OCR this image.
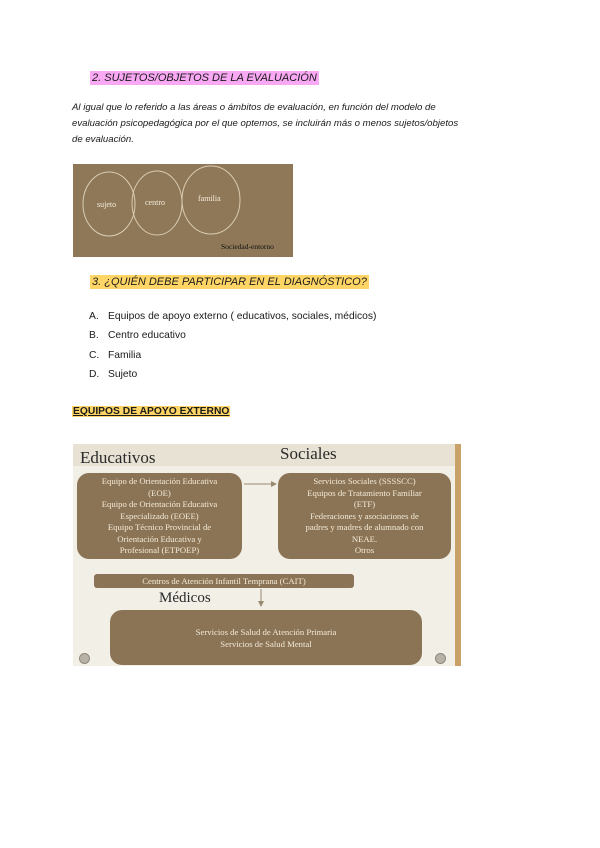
2. SUJETOS/OBJETOS DE LA EVALUACIÓN
Al igual que lo referido a las áreas o ámbitos de evaluación, en función del modelo de
evaluación psicopedagógica por el que optemos, se incluirán más o menos sujetos/objetos
de evaluación.
sujeto	centro	familia
Sociedad-entorno
3. ¿QUIÉN DEBE PARTICIPAR EN EL DIAGNÓSTICO?
A. Equipos de apoyo externo ( educativos, sociales, médicos)
B. Centro educativo
C. Familia
D. Sujeto
EQUIPOS DE APOYO EXTERNO
Educativos	Sociales
Equipo de Orientación Educativa
(EOE)
Equipo de Orientación Educativa
Especializado (EOEE)
Equipo Técnico Provincial de
Orientación Educativa y
Profesional (ETPOEP)
Servicios Sociales (SSSSCC)
Equipos de Tratamiento Familiar
(ETF)
Federaciones y asociaciones de
padres y madres de alumnado con
NEAE.
Otros
Centros de Atención Infantil Temprana (CAIT)
Médicos
Servicios de Salud de Atención Primaria
Servicios de Salud Mental
